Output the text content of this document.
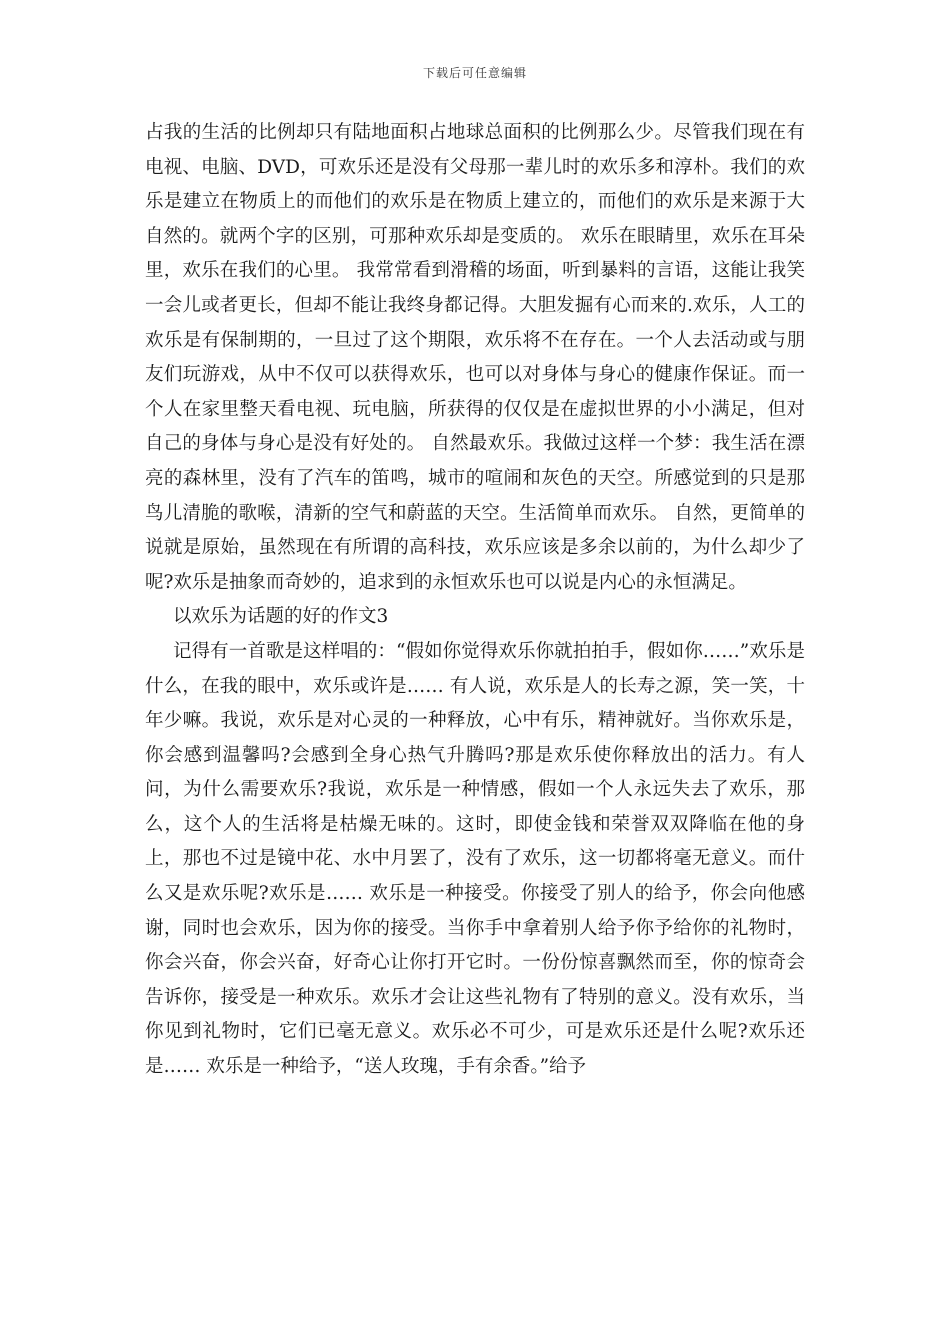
下载后可任意编辑

占我的生活的比例却只有陆地面积占地球总面积的比例那么少。尽管我们现在有电视、电脑、DVD，可欢乐还是没有父母那一辈儿时的欢乐多和淳朴。我们的欢乐是建立在物质上的而他们的欢乐是在物质上建立的，而他们的欢乐是来源于大自然的。就两个字的区别，可那种欢乐却是变质的。 欢乐在眼睛里，欢乐在耳朵里，欢乐在我们的心里。 我常常看到滑稽的场面，听到暴料的言语，这能让我笑一会儿或者更长，但却不能让我终身都记得。大胆发掘有心而来的.欢乐，人工的欢乐是有保制期的，一旦过了这个期限，欢乐将不在存在。一个人去活动或与朋友们玩游戏，从中不仅可以获得欢乐，也可以对身体与身心的健康作保证。而一个人在家里整天看电视、玩电脑，所获得的仅仅是在虚拟世界的小小满足，但对自己的身体与身心是没有好处的。 自然最欢乐。我做过这样一个梦：我生活在漂亮的森林里，没有了汽车的笛鸣，城市的喧闹和灰色的天空。所感觉到的只是那鸟儿清脆的歌喉，清新的空气和蔚蓝的天空。生活简单而欢乐。 自然，更简单的说就是原始，虽然现在有所谓的高科技，欢乐应该是多余以前的，为什么却少了呢?欢乐是抽象而奇妙的，追求到的永恒欢乐也可以说是内心的永恒满足。

以欢乐为话题的好的作文3

记得有一首歌是这样唱的：“假如你觉得欢乐你就拍拍手，假如你……”欢乐是什么，在我的眼中，欢乐或许是…… 有人说，欢乐是人的长寿之源，笑一笑，十年少嘛。我说，欢乐是对心灵的一种释放，心中有乐，精神就好。当你欢乐是，你会感到温馨吗?会感到全身心热气升腾吗?那是欢乐使你释放出的活力。有人问，为什么需要欢乐?我说，欢乐是一种情感，假如一个人永远失去了欢乐，那么，这个人的生活将是枯燥无味的。这时，即使金钱和荣誉双双降临在他的身上，那也不过是镜中花、水中月罢了，没有了欢乐，这一切都将毫无意义。而什么又是欢乐呢?欢乐是…… 欢乐是一种接受。你接受了别人的给予，你会向他感谢，同时也会欢乐，因为你的接受。当你手中拿着别人给予你予给你的礼物时，你会兴奋，你会兴奋，好奇心让你打开它时。一份份惊喜飘然而至，你的惊奇会告诉你，接受是一种欢乐。欢乐才会让这些礼物有了特别的意义。没有欢乐，当你见到礼物时，它们已毫无意义。欢乐必不可少，可是欢乐还是什么呢?欢乐还是…… 欢乐是一种给予，“送人玫瑰，手有余香。”给予
